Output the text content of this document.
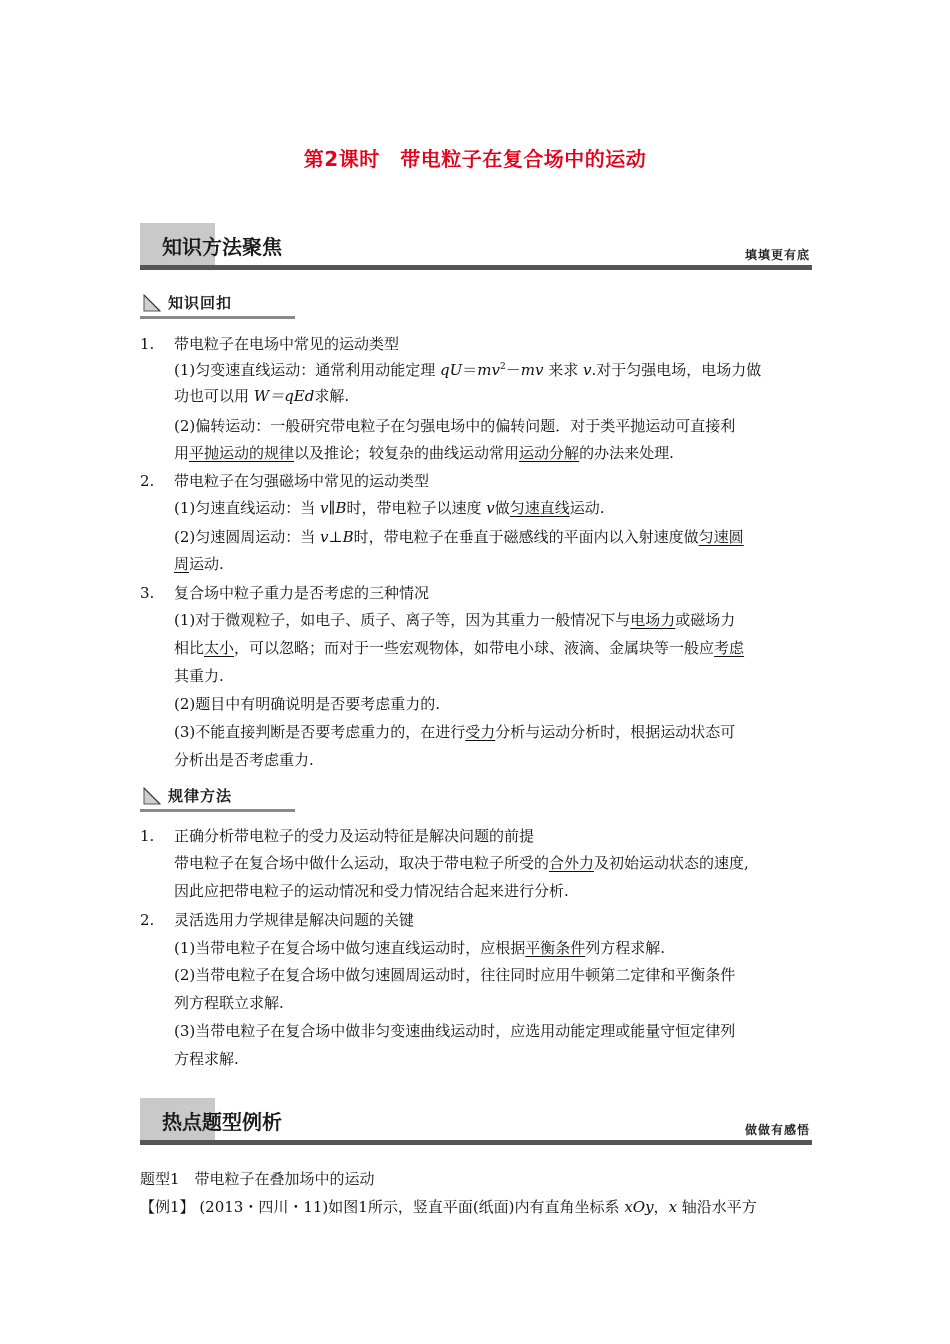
第2课时　带电粒子在复合场中的运动
知识方法聚焦	填填更有底
知识回扣
1. 带电粒子在电场中常见的运动类型
(1)匀变速直线运动：通常利用动能定理 $qU=mv^2-mv$ 来求 v.对于匀强电场，电场力做
功也可以用 W＝qEd求解.
(2)偏转运动：一般研究带电粒子在匀强电场中的偏转问题．对于类平抛运动可直接利
用平抛运动的规律以及推论；较复杂的曲线运动常用运动分解的办法来处理.
2. 带电粒子在匀强磁场中常见的运动类型
(1)匀速直线运动：当 v∥B时，带电粒子以速度 v做匀速直线运动.
(2)匀速圆周运动：当 v⊥B时，带电粒子在垂直于磁感线的平面内以入射速度做匀速圆
周运动.
3. 复合场中粒子重力是否考虑的三种情况
(1)对于微观粒子，如电子、质子、离子等，因为其重力一般情况下与电场力或磁场力
相比太小，可以忽略；而对于一些宏观物体，如带电小球、液滴、金属块等一般应考虑
其重力.
(2)题目中有明确说明是否要考虑重力的.
(3)不能直接判断是否要考虑重力的，在进行受力分析与运动分析时，根据运动状态可
分析出是否考虑重力.
规律方法
1. 正确分析带电粒子的受力及运动特征是解决问题的前提
带电粒子在复合场中做什么运动，取决于带电粒子所受的合外力及初始运动状态的速度,
因此应把带电粒子的运动情况和受力情况结合起来进行分析.
2. 灵活选用力学规律是解决问题的关键
(1)当带电粒子在复合场中做匀速直线运动时，应根据平衡条件列方程求解.
(2)当带电粒子在复合场中做匀速圆周运动时，往往同时应用牛顿第二定律和平衡条件
列方程联立求解.
(3)当带电粒子在复合场中做非匀变速曲线运动时，应选用动能定理或能量守恒定律列
方程求解.
热点题型例析	做做有感悟
题型1　带电粒子在叠加场中的运动
【例1】 (2013・四川・11)如图1所示，竖直平面(纸面)内有直角坐标系 xOy，x 轴沿水平方
